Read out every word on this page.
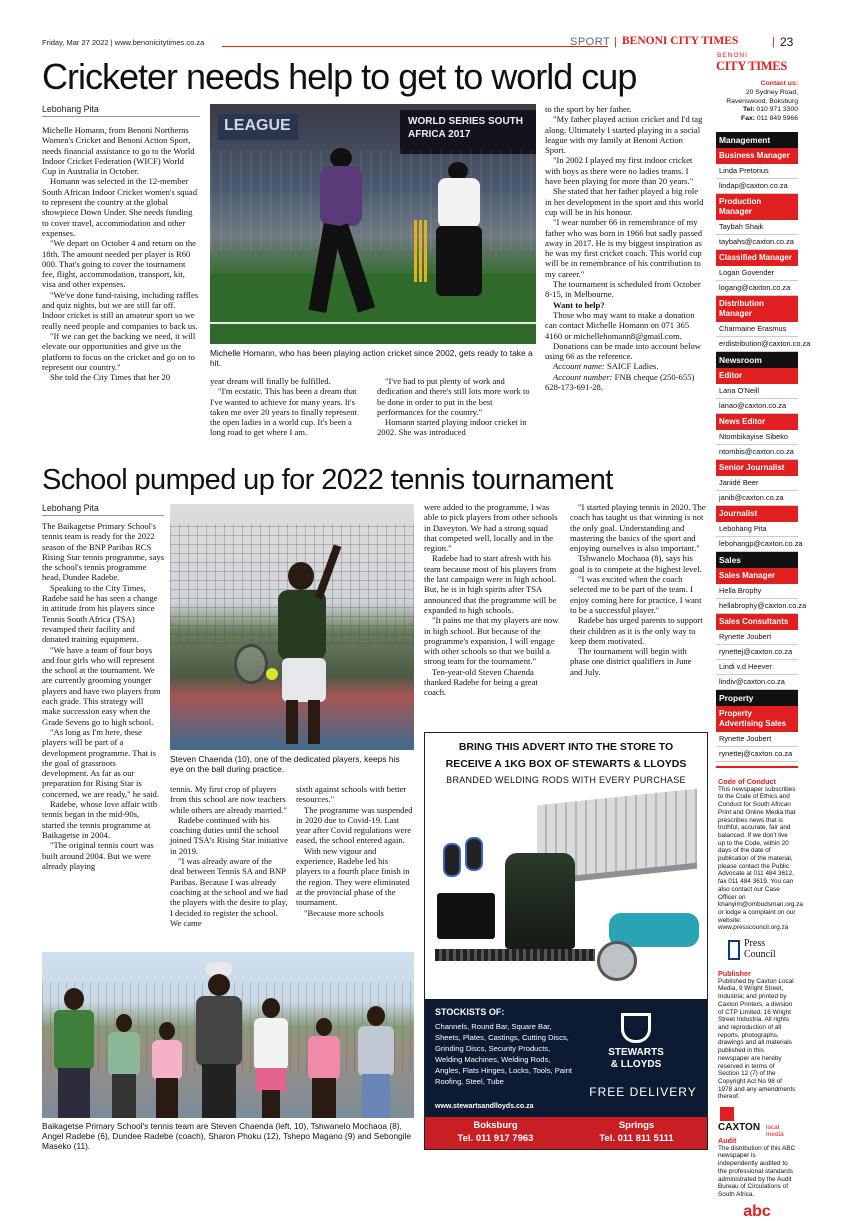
Friday, Mar 27 2022 | www.benonicitytimes.co.za	SPORT | BENONI CITY TIMES	| 23
Cricketer needs help to get to world cup
Lebohang Pita

Michelle Homann, from Benoni Northerns Women's Cricket and Benoni Action Sport, needs financial assistance to go to the World Indoor Cricket Federation (WICF) World Cup in Australia in October.

Homann was selected in the 12-member South African Indoor Cricket women's squad to represent the country at the global showpiece Down Under. She needs funding to cover travel, accommodation and other expenses.

"We depart on October 4 and return on the 18th. The amount needed per player is R60 000. That's going to cover the tournament fee, flight, accommodation, transport, kit, visa and other expenses.

"We've done fund-raising, including raffles and quiz nights, but we are still far off. Indoor cricket is still an amateur sport so we really need people and companies to back us.

"If we can get the backing we need, it will elevate our opportunities and give us the platform to focus on the cricket and go on to represent our country."

She told the City Times that her 20

LEAGUE	WORLD SERIES SOUTH AFRICA 2017
Michelle Homann, who has been playing action cricket since 2002, gets ready to take a hit.

year dream will finally be fulfilled.

"I'm ecstatic. This has been a dream that I've wanted to achieve for many years. It's taken me over 20 years to finally represent the open ladies in a world cup. It's been a long road to get where I am.

"I've had to put plenty of work and dedication and there's still lots more work to be done in order to put in the best performances for the country."

Homann started playing indoor cricket in 2002. She was introduced

to the sport by her father.

"My father played action cricket and I'd tag along. Ultimately I started playing in a social league with my family at Benoni Action Sport.

"In 2002 I played my first indoor cricket with boys as there were no ladies teams. I have been playing for more than 20 years."

She stated that her father played a big role in her development in the sport and this world cup will be in his honour.

"I wear number 66 in remembrance of my father who was born in 1966 but sadly passed away in 2017. He is my biggest inspiration as he was my first cricket coach. This world cup will be in remembrance of his contribution to my career."

The tournament is scheduled from October 8-15, in Melbourne.

Want to help?

Those who may want to make a donation can contact Michelle Homann on 071 365 4160 or michellehomann8@gmail.com.

Donations can be made into account below using 66 as the reference.

Account name: SAICF Ladies.

Account number: FNB cheque (250-655) 628-173-691-28.

School pumped up for 2022 tennis tournament
Lebohang Pita

The Baikagetse Primary School's tennis team is ready for the 2022 season of the BNP Paribas RCS Rising Star tennis programme, says the school's tennis programme head, Dundee Radebe.

Speaking to the City Times, Radebe said he has seen a change in attitude from his players since Tennis South Africa (TSA) revamped their facility and donated training equipment.

"We have a team of four boys and four girls who will represent the school at the tournament. We are currently grooming younger players and have two players from each grade. This strategy will make succession easy when the Grade Sevens go to high school.

"As long as I'm here, these players will be part of a development programme. That is the goal of grassroots development. As far as our preparation for Rising Star is concerned, we are ready," he said.

Radebe, whose love affair with tennis began in the mid-90s, started the tennis programme at Baikagetse in 2004.

"The original tennis court was built around 2004. But we were already playing

Steven Chaenda (10), one of the dedicated players, keeps his eye on the ball during practice.

tennis. My first crop of players from this school are now teachers while others are already married."

Radebe continued with his coaching duties until the school joined TSA's Rising Star initiative in 2019.

"I was already aware of the deal between Tennis SA and BNP Paribas. Because I was already coaching at the school and we had the players with the desire to play, I decided to register the school. We came

sixth against schools with better resources."

The programme was suspended in 2020 due to Covid-19. Last year after Covid regulations were eased, the school entered again.

With new vigour and experience, Radebe led his players to a fourth place finish in the region. They were eliminated at the provincial phase of the tournament.

"Because more schools

were added to the programme, I was able to pick players from other schools in Daveyton. We had a strong squad that competed well, locally and in the region."

Radebe had to start afresh with his team because most of his players from the last campaign were in high school. But, he is in high spirits after TSA announced that the programme will be expanded to high schools.

"It pains me that my players are now in high school. But because of the programme's expansion, I will engage with other schools so that we build a strong team for the tournament."

Ten-year-old Steven Chaenda thanked Radebe for being a great coach.

"I started playing tennis in 2020. The coach has taught us that winning is not the only goal. Understanding and mastering the basics of the sport and enjoying ourselves is also important."

Tshwanelo Mochaoa (8), says his goal is to compete at the highest level.

"I was excited when the coach selected me to be part of the team. I enjoy coming here for practice. I want to be a successful player."

Radebe has urged parents to support their children as it is the only way to keep them motivated.

The tournament will begin with phase one district qualifiers in June and July.

Baikagetse Primary School's tennis team are Steven Chaenda (left, 10), Tshwanelo Mochaoa (8), Angel Radebe (6), Dundee Radebe (coach), Sharon Phoku (12), Tshepo Magano (9) and Sebongile Maseko (11).
BRING THIS ADVERT INTO THE STORE TO
RECEIVE A 1KG BOX OF STEWARTS & LLOYDS
BRANDED WELDING RODS WITH EVERY PURCHASE
STOCKISTS OF:
Channels, Round Bar, Square Bar, Sheets, Plates, Castings, Cutting Discs, Grinding Discs, Security Products, Welding Machines, Welding Rods, Angles, Flats Hinges, Locks, Tools, Paint Roofing, Steel, Tube
www.stewartsandlloyds.co.za
STEWARTS
& LLOYDS
FREE DELIVERY
Boksburg
Tel. 011 917 7963
Springs
Tel. 011 811 5111
BENONI
CITY TIMES
Contact us:
20 Sydney Road,
Ravenswood, Boksburg
Tel: 010 971 3300
Fax: 011 849 5966
Management
Business Manager
Linda Pretorius
lindap@caxton.co.za
Production Manager
Taybah Shaik
taybahs@caxton.co.za
Classified Manager
Logan Govender
logang@caxton.co.za
Distribution Manager
Charmaine Erasmus
erdistribution@caxton.co.za
Newsroom
Editor
Lana O'Neill
lanao@caxton.co.za
News Editor
Ntombikayise Sibeko
ntombis@caxton.co.za
Senior Journalist
Janidé Beer
janib@caxton.co.za
Journalist
Lebohang Pita
lebohangp@caxton.co.za
Sales
Sales Manager
Hella Brophy
hellabrophy@caxton.co.za
Sales Consultants
Rynette Joubert
rynettej@caxton.co.za
Lindi v.d Heever
lindiv@caxton.co.za
Property
Property Advertising Sales
Rynette Joubert
rynettej@caxton.co.za
Code of Conduct
This newspaper subscribes to the Code of Ethics and Conduct for South African Print and Online Media that prescribes news that is truthful, accurate, fair and balanced. If we don't live up to the Code, within 20 days of the date of publication of the material, please contact the Public Advocate at 011 484 3612, fax 011 484 3619. You can also contact our Case Officer on khanyim@ombudsman.org.za or lodge a complaint on our website: www.presscouncil.org.za
Press
Council
Publisher
Published by Caxton Local Media, 9 Wright Street, Industria; and printed by Caxton Printers, a division of CTP Limited, 16 Wright Street Industria. All rights and reproduction of all reports, photographs, drawings and all materials published in this newspaper are hereby reserved in terms of Section 12 (7) of the Copyright Act No 98 of 1978 and any amendments thereof.
CAXTON local media
Audit
The distribution of this ABC newspaper is independently audited to the professional standards administrated by the Audit Bureau of Circulations of South Africa.
abc
